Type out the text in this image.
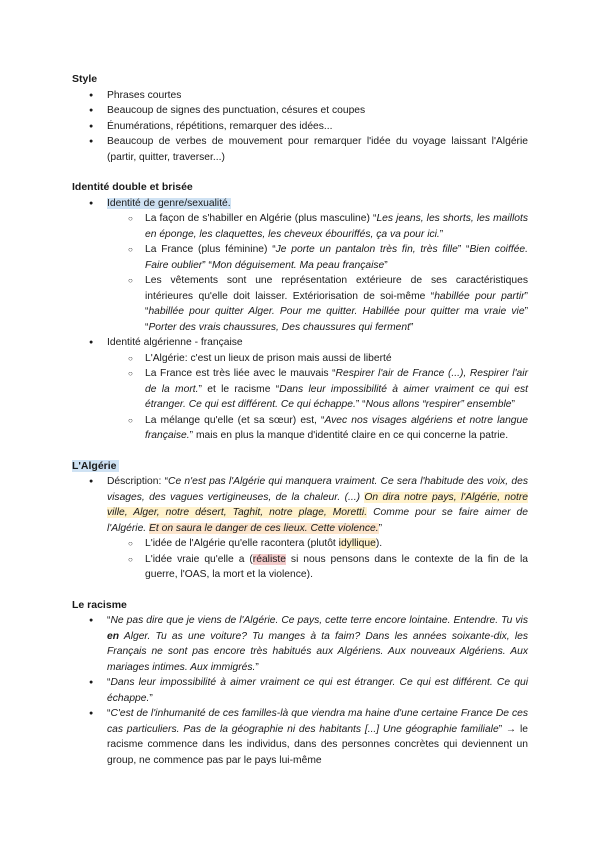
Style
● Phrases courtes
● Beaucoup de signes des punctuation, césures et coupes
● Énumérations, répétitions, remarquer des idées...
● Beaucoup de verbes de mouvement pour remarquer l'idée du voyage laissant l'Algérie (partir, quitter, traverser...)
Identité double et brisée
● Identité de genre/sexualité.
○ La façon de s'habiller en Algérie (plus masculine) “Les jeans, les shorts, les maillots en éponge, les claquettes, les cheveux ébouriffés, ça va pour ici.”
○ La France (plus féminine) “Je porte un pantalon très fin, très fille” “Bien coiffée. Faire oublier” “Mon déguisement. Ma peau française”
○ Les vêtements sont une représentation extérieure de ses caractéristiques intérieures qu'elle doit laisser. Extériorisation de soi-même “habillée pour partir” “habillée pour quitter Alger. Pour me quitter. Habillée pour quitter ma vraie vie” “Porter des vrais chaussures, Des chaussures qui ferment”
● Identité algérienne - française
○ L'Algérie: c'est un lieux de prison mais aussi de liberté
○ La France est très liée avec le mauvais “Respirer l'air de France (...), Respirer l'air de la mort.” et le racisme “Dans leur impossibilité à aimer vraiment ce qui est étranger. Ce qui est différent. Ce qui échappe.” “Nous allons “respirer” ensemble”
○ La mélange qu'elle (et sa sœur) est, “Avec nos visages algériens et notre langue française.” mais en plus la manque d'identité claire en ce qui concerne la patrie.
L'Algérie
● Déscription: “Ce n'est pas l'Algérie qui manquera vraiment. Ce sera l'habitude des voix, des visages, des vagues vertigineuses, de la chaleur. (...) On dira notre pays, l'Algérie, notre ville, Alger, notre désert, Taghit, notre plage, Moretti. Comme pour se faire aimer de l'Algérie. Et on saura le danger de ces lieux. Cette violence.”
○ L'idée de l'Algérie qu'elle racontera (plutôt idyllique).
○ L'idée vraie qu'elle a (réaliste si nous pensons dans le contexte de la fin de la guerre, l'OAS, la mort et la violence).
Le racisme
● “Ne pas dire que je viens de l'Algérie. Ce pays, cette terre encore lointaine. Entendre. Tu vis en Alger. Tu as une voiture? Tu manges à ta faim? Dans les années soixante-dix, les Français ne sont pas encore très habitués aux Algériens. Aux nouveaux Algériens. Aux mariages intimes. Aux immigrés.”
● “Dans leur impossibilité à aimer vraiment ce qui est étranger. Ce qui est différent. Ce qui échappe.”
● “C'est de l'inhumanité de ces familles-là que viendra ma haine d'une certaine France De ces cas particuliers. Pas de la géographie ni des habitants [...] Une géographie familiale” → le racisme commence dans les individus, dans des personnes concrètes qui deviennent un group, ne commence pas par le pays lui-même
